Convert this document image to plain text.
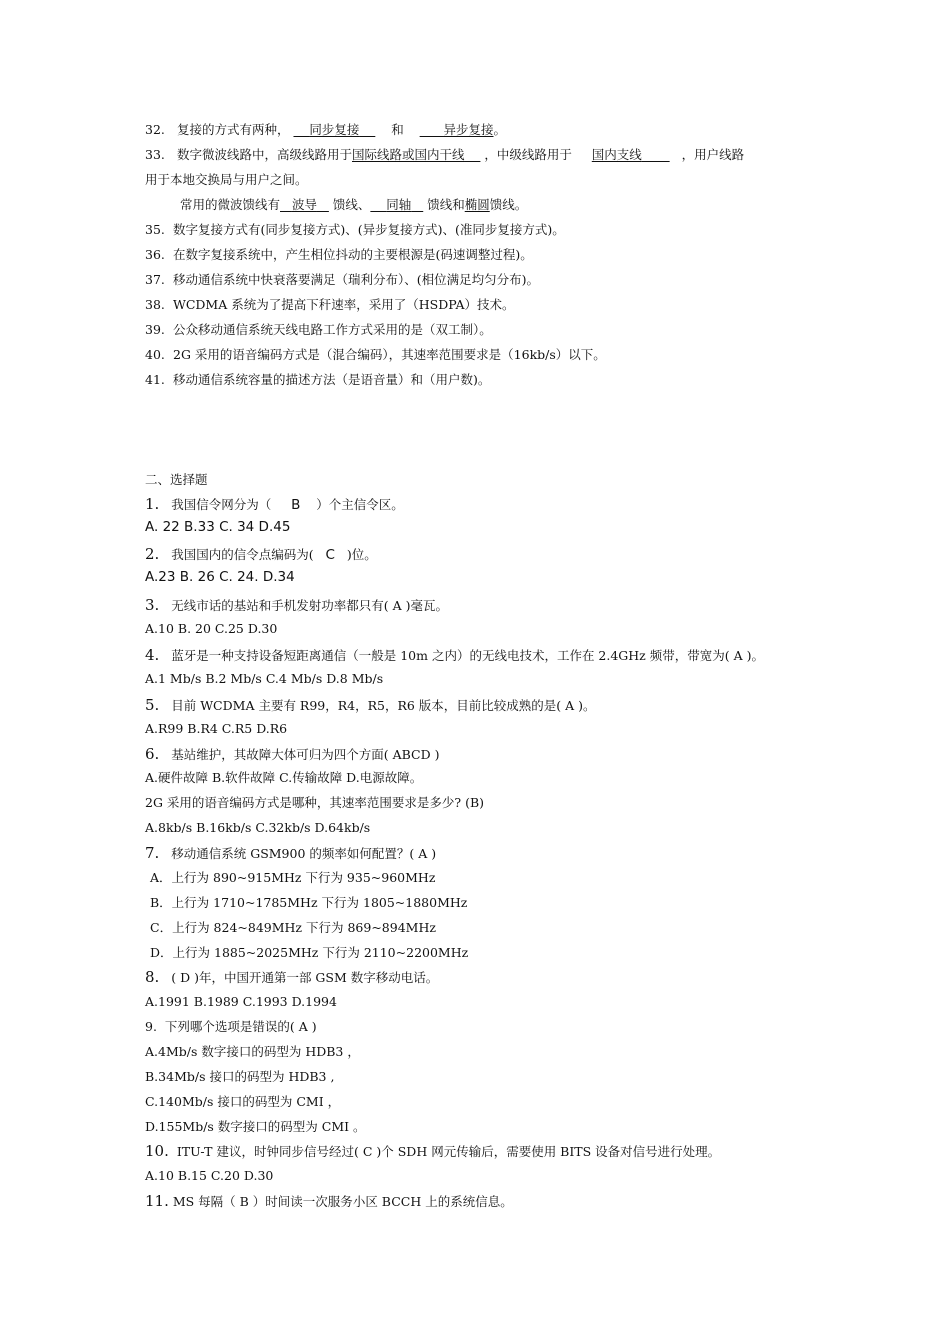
32. 复接的方式有两种， 同步复接	和	异步复接。
33. 数字微波线路中，高级线路用于国际线路或国内干线 ，中级线路用于 国内支线	，用户线路
用于本地交换局与用户之间。
常用的微波馈线有 波导 馈线、 同轴 馈线和椭圆馈线。
35. 数字复接方式有(同步复接方式)、(异步复接方式)、(准同步复接方式)。
36. 在数字复接系统中，产生相位抖动的主要根源是(码速调整过程)。
37. 移动通信系统中快衰落要满足（瑞利分布）、(相位满足均匀分布)。
38. WCDMA 系统为了提高下秆速率，采用了（HSDPA）技术。
39. 公众移动通信系统天线电路工作方式采用的是（双工制）。
40. 2G 采用的语音编码方式是（混合编码），其速率范围要求是（16kb/s）以下。
41. 移动通信系统容量的描述方法（是语音量）和（用户数)。
二、选择题
1. 我国信令网分为（ B ）个主信令区。
A. 22 B.33 C. 34 D.45
2. 我国国内的信令点编码为( C )位。
A.23 B. 26 C. 24. D.34
3. 无线市话的基站和手机发射功率都只有( A )毫瓦。
A.10 B. 20 C.25 D.30
4. 蓝牙是一种支持设备短距离通信（一般是 10m 之内）的无线电技术，工作在 2.4GHz 频带，带宽为( A )。
A.1 Mb/s B.2 Mb/s C.4 Mb/s D.8 Mb/s
5. 目前 WCDMA 主要有 R99，R4，R5，R6 版本，目前比较成熟的是( A )。
A.R99 B.R4 C.R5 D.R6
6. 基站维护，其故障大体可归为四个方面( ABCD )
A.硬件故障 B.软件故障 C.传输故障 D.电源故障。
2G 采用的语音编码方式是哪种，其速率范围要求是多少? (B)
A.8kb/s B.16kb/s C.32kb/s D.64kb/s
7. 移动通信系统 GSM900 的频率如何配置？( A )
A．上行为 890~915MHz 下行为 935~960MHz
B．上行为 1710~1785MHz 下行为 1805~1880MHz
C．上行为 824~849MHz 下行为 869~894MHz
D．上行为 1885~2025MHz 下行为 2110~2200MHz
8. ( D )年，中国开通第一部 GSM 数字移动电话。
A.1991 B.1989 C.1993 D.1994
9. 下列哪个选项是错误的( A )
A.4Mb/s 数字接口的码型为 HDB3 ，
B.34Mb/s 接口的码型为 HDB3 ,
C.140Mb/s 接口的码型为 CMI ，
D.155Mb/s 数字接口的码型为 CMI 。
10. ITU-T 建议，时钟同步信号经过( C )个 SDH 网元传输后，需要使用 BITS 设备对信号进行处理。
A.10 B.15 C.20 D.30
11. MS 每隔（ B ）时间读一次服务小区 BCCH 上的系统信息。
